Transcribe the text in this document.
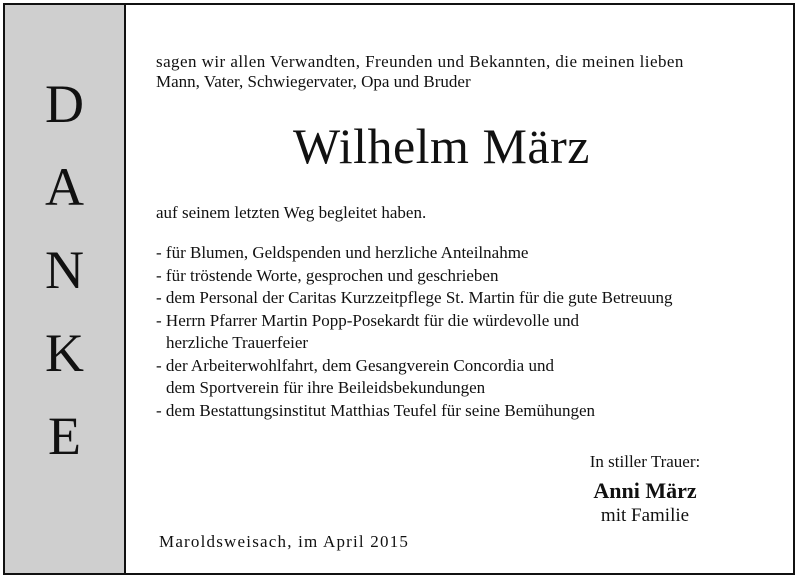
D
A
N
K
E
sagen wir allen Verwandten, Freunden und Bekannten, die meinen lieben
Mann, Vater, Schwiegervater, Opa und Bruder
Wilhelm März
auf seinem letzten Weg begleitet haben.
- für Blumen, Geldspenden und herzliche Anteilnahme
- für tröstende Worte, gesprochen und geschrieben
- dem Personal der Caritas Kurzzeitpflege St. Martin für die gute Betreuung
- Herrn Pfarrer Martin Popp-Posekardt für die würdevolle und
herzliche Trauerfeier
- der Arbeiterwohlfahrt, dem Gesangverein Concordia und
dem Sportverein für ihre Beileidsbekundungen
- dem Bestattungsinstitut Matthias Teufel für seine Bemühungen
In stiller Trauer:
Anni März
mit Familie
Maroldsweisach, im April 2015
